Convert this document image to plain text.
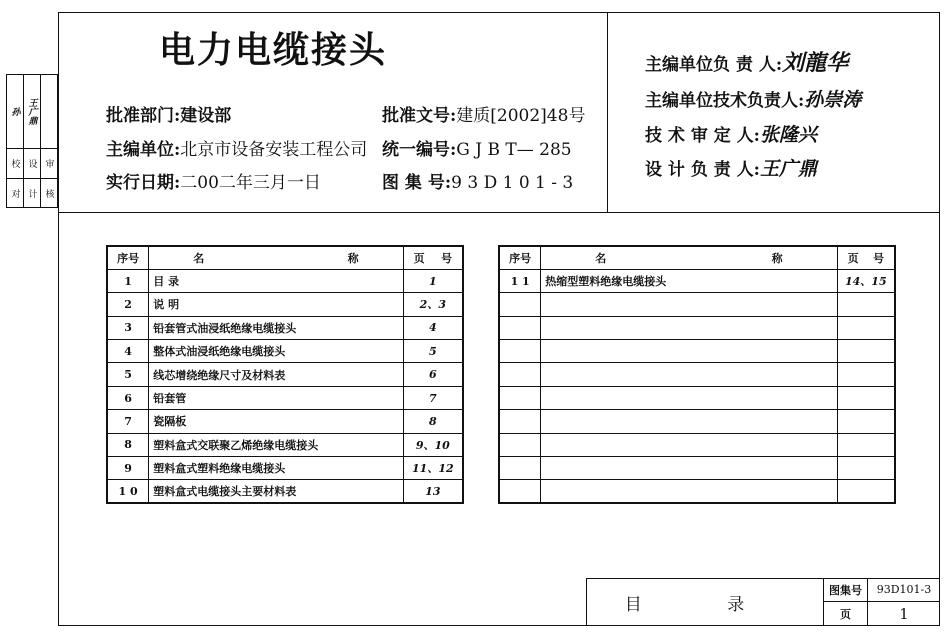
孙 王广鼎
校
对
设
计
审
核
电力电缆接头
批准部门:建设部
主编单位:北京市设备安装工程公司
实行日期:二00二年三月一日
批准文号:建质[2002]48号
统一编号:G J B T— 285
图 集 号:9 3 D 1 0 1 - 3
主编单位负 责 人:刘龍华
主编单位技术负责人:孙崇涛
技 术 审 定 人:张隆兴
设 计 负 责 人:王广鼎
序号	名 称	页 号

1	目 录	1
2	说 明	2、3
3	铅套管式油浸纸绝缘电缆接头	4
4	整体式油浸纸绝缘电缆接头	5
5	线芯增绕绝缘尺寸及材料表	6
6	铅套管	7
7	瓷隔板	8
8	塑料盒式交联聚乙烯绝缘电缆接头	9、10
9	塑料盒式塑料绝缘电缆接头	11、12
1 0	塑料盒式电缆接头主要材料表	13
序号	名 称	页 号

1 1	热缩型塑料绝缘电缆接头	14、15

目 录
图集号	93D101-3
页	1
